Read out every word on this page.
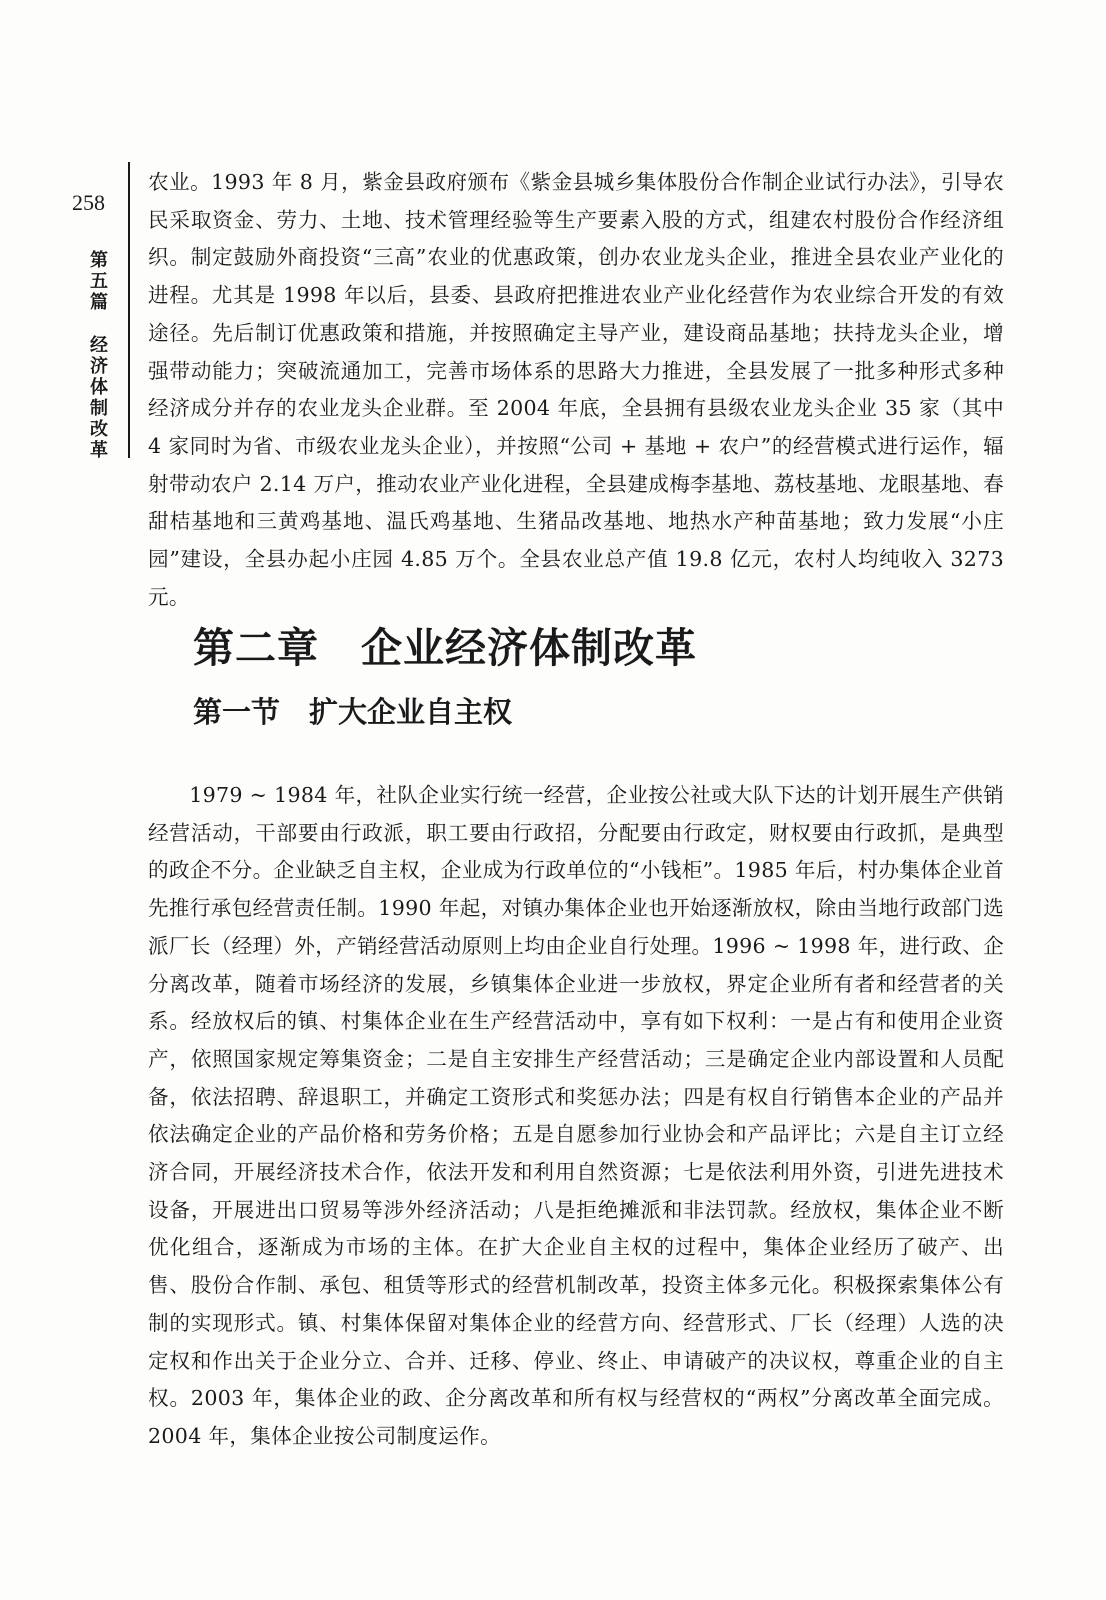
258
第五篇
经济体制改革

农业。1993 年 8 月，紫金县政府颁布《紫金县城乡集体股份合作制企业试行办法》，引导农民采取资金、劳力、土地、技术管理经验等生产要素入股的方式，组建农村股份合作经济组织。制定鼓励外商投资“三高”农业的优惠政策，创办农业龙头企业，推进全县农业产业化的进程。尤其是 1998 年以后，县委、县政府把推进农业产业化经营作为农业综合开发的有效途径。先后制订优惠政策和措施，并按照确定主导产业，建设商品基地；扶持龙头企业，增强带动能力；突破流通加工，完善市场体系的思路大力推进，全县发展了一批多种形式多种经济成分并存的农业龙头企业群。至 2004 年底，全县拥有县级农业龙头企业 35 家（其中 4 家同时为省、市级农业龙头企业），并按照“公司 + 基地 + 农户”的经营模式进行运作，辐射带动农户 2.14 万户，推动农业产业化进程，全县建成梅李基地、荔枝基地、龙眼基地、春甜桔基地和三黄鸡基地、温氏鸡基地、生猪品改基地、地热水产种苗基地；致力发展“小庄园”建设，全县办起小庄园 4.85 万个。全县农业总产值 19.8 亿元，农村人均纯收入 3273 元。

第二章　企业经济体制改革
第一节　扩大企业自主权

1979 ~ 1984 年，社队企业实行统一经营，企业按公社或大队下达的计划开展生产供销经营活动，干部要由行政派，职工要由行政招，分配要由行政定，财权要由行政抓，是典型的政企不分。企业缺乏自主权，企业成为行政单位的“小钱柜”。1985 年后，村办集体企业首先推行承包经营责任制。1990 年起，对镇办集体企业也开始逐渐放权，除由当地行政部门选派厂长（经理）外，产销经营活动原则上均由企业自行处理。1996 ~ 1998 年，进行政、企分离改革，随着市场经济的发展，乡镇集体企业进一步放权，界定企业所有者和经营者的关系。经放权后的镇、村集体企业在生产经营活动中，享有如下权利：一是占有和使用企业资产，依照国家规定筹集资金；二是自主安排生产经营活动；三是确定企业内部设置和人员配备，依法招聘、辞退职工，并确定工资形式和奖惩办法；四是有权自行销售本企业的产品并依法确定企业的产品价格和劳务价格；五是自愿参加行业协会和产品评比；六是自主订立经济合同，开展经济技术合作，依法开发和利用自然资源；七是依法利用外资，引进先进技术设备，开展进出口贸易等涉外经济活动；八是拒绝摊派和非法罚款。经放权，集体企业不断优化组合，逐渐成为市场的主体。在扩大企业自主权的过程中，集体企业经历了破产、出售、股份合作制、承包、租赁等形式的经营机制改革，投资主体多元化。积极探索集体公有制的实现形式。镇、村集体保留对集体企业的经营方向、经营形式、厂长（经理）人选的决定权和作出关于企业分立、合并、迁移、停业、终止、申请破产的决议权，尊重企业的自主权。2003 年，集体企业的政、企分离改革和所有权与经营权的“两权”分离改革全面完成。2004 年，集体企业按公司制度运作。
